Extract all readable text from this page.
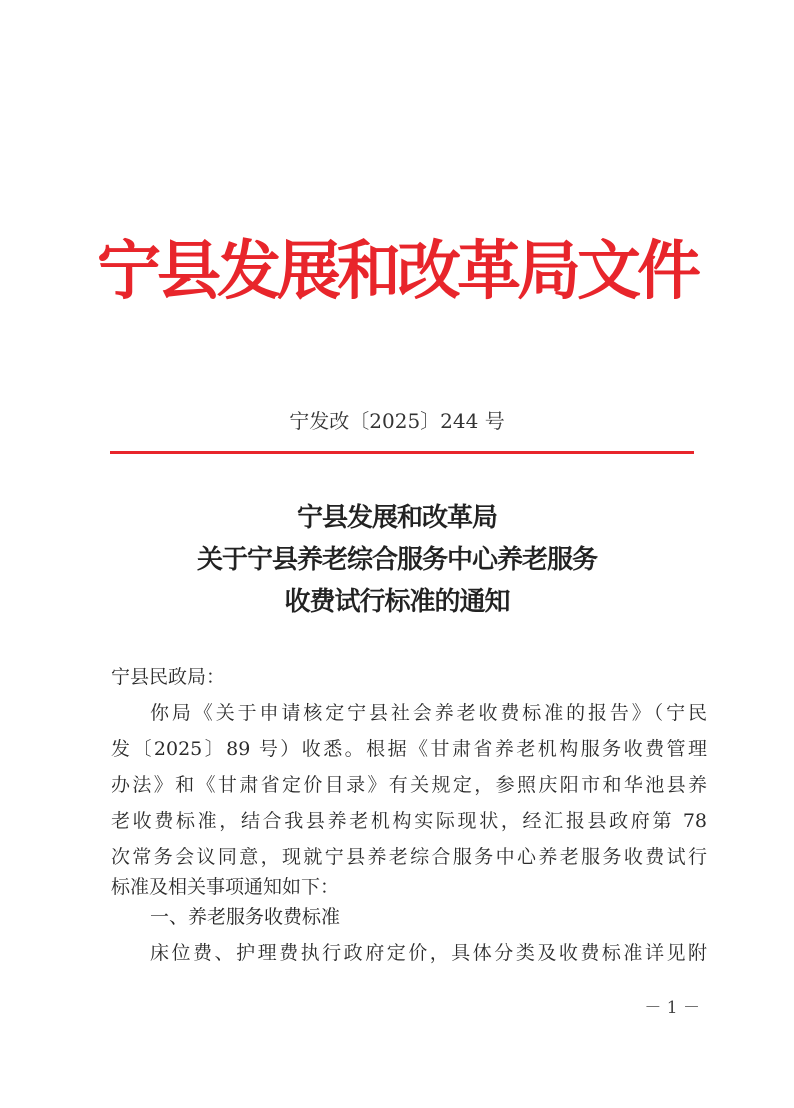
宁县发展和改革局文件
宁发改〔2025〕244 号
宁县发展和改革局
关于宁县养老综合服务中心养老服务
收费试行标准的通知
宁县民政局：
你局《关于申请核定宁县社会养老收费标准的报告》（宁民
发〔2025〕89 号）收悉。根据《甘肃省养老机构服务收费管理
办法》和《甘肃省定价目录》有关规定，参照庆阳市和华池县养
老收费标准，结合我县养老机构实际现状，经汇报县政府第 78
次常务会议同意，现就宁县养老综合服务中心养老服务收费试行
标准及相关事项通知如下：
一、养老服务收费标准
床位费、护理费执行政府定价，具体分类及收费标准详见附
－ 1 －
